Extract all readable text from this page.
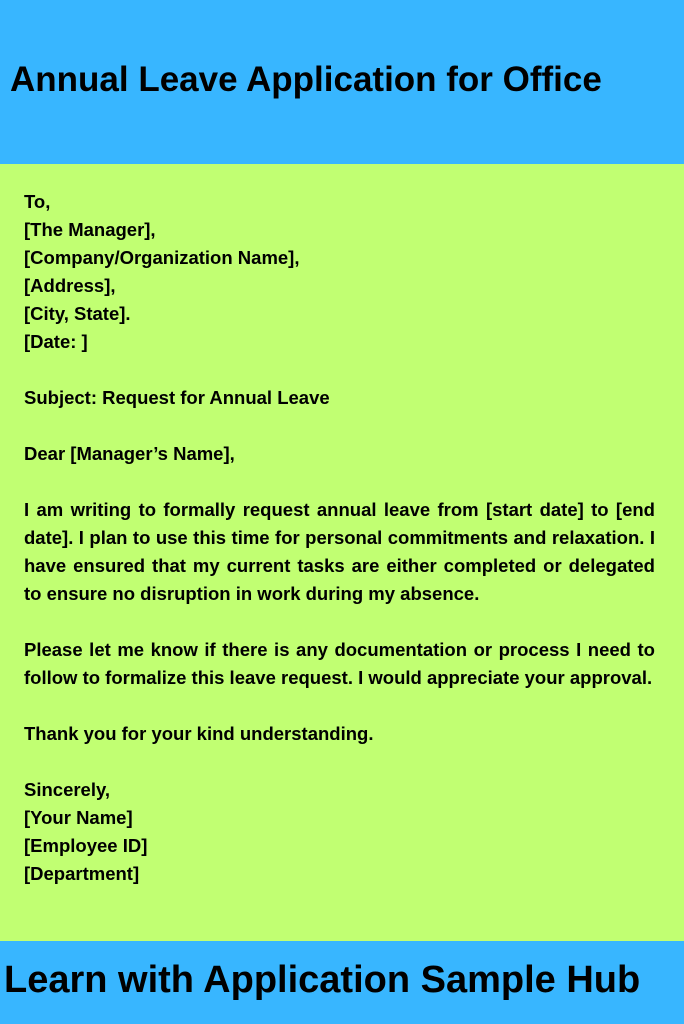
Annual Leave Application for Office
To,
[The Manager],
[Company/Organization Name],
[Address],
[City, State].
[Date: ]
Subject: Request for Annual Leave
Dear [Manager’s Name],

I am writing to formally request annual leave from [start date] to [end date]. I plan to use this time for personal commitments and relaxation. I have ensured that my current tasks are either completed or delegated to ensure no disruption in work during my absence.

Please let me know if there is any documentation or process I need to follow to formalize this leave request. I would appreciate your approval.

Thank you for your kind understanding.
Sincerely,
[Your Name]
[Employee ID]
[Department]

Learn with Application Sample Hub
